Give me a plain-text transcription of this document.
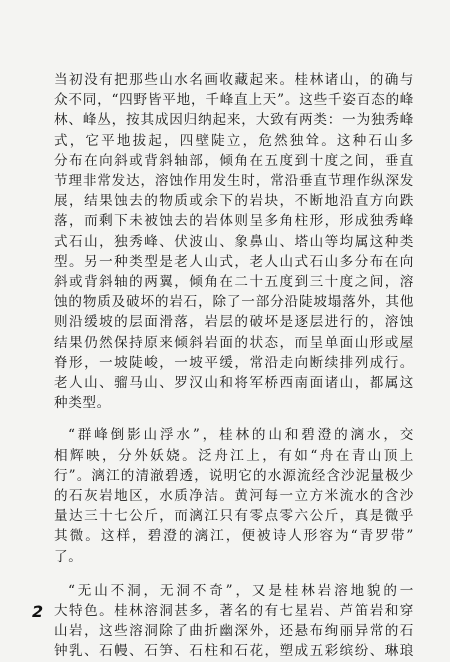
当初没有把那些山水名画收藏起来。桂林诸山，的确与

众不同，“四野皆平地，千峰直上天”。这些千姿百态的峰

林、峰丛，按其成因归纳起来，大致有两类：一为独秀峰

式，它平地拔起，四壁陡立，危然独耸。这种石山多

分布在向斜或背斜轴部，倾角在五度到十度之间，垂直

节理非常发达，溶蚀作用发生时，常沿垂直节理作纵深发

展，结果蚀去的物质或余下的岩块，不断地沿直方向跌

落，而剩下未被蚀去的岩体则呈多角柱形，形成独秀峰

式石山，独秀峰、伏波山、象鼻山、塔山等均属这种类

型。另一种类型是老人山式，老人山式石山多分布在向

斜或背斜轴的两翼，倾角在二十五度到三十度之间，溶

蚀的物质及破坏的岩石，除了一部分沿陡坡塌落外，其他

则沿缓坡的层面滑落，岩层的破坏是逐层进行的，溶蚀

结果仍然保持原来倾斜岩面的状态，而呈单面山形或屋

脊形，一坡陡峻，一坡平缓，常沿走向断续排列成行。

老人山、骝马山、罗汉山和将军桥西南面诸山，都属这

种类型。

“群峰倒影山浮水”，桂林的山和碧澄的漓水，交

相辉映，分外妖娆。泛舟江上，有如“舟在青山顶上

行”。漓江的清澈碧透，说明它的水源流经含沙泥量极少

的石灰岩地区，水质净洁。黄河每一立方米流水的含沙

量达三十七公斤，而漓江只有零点零六公斤，真是微乎

其微。这样，碧澄的漓江，便被诗人形容为“青罗带”

了。

“无山不洞，无洞不奇”，又是桂林岩溶地貌的一

大特色。桂林溶洞甚多，著名的有七星岩、芦笛岩和穿

山岩，这些溶洞除了曲折幽深外，还悬布绚丽异常的石

钟乳、石幔、石笋、石柱和石花，塑成五彩缤纷、琳琅

2
